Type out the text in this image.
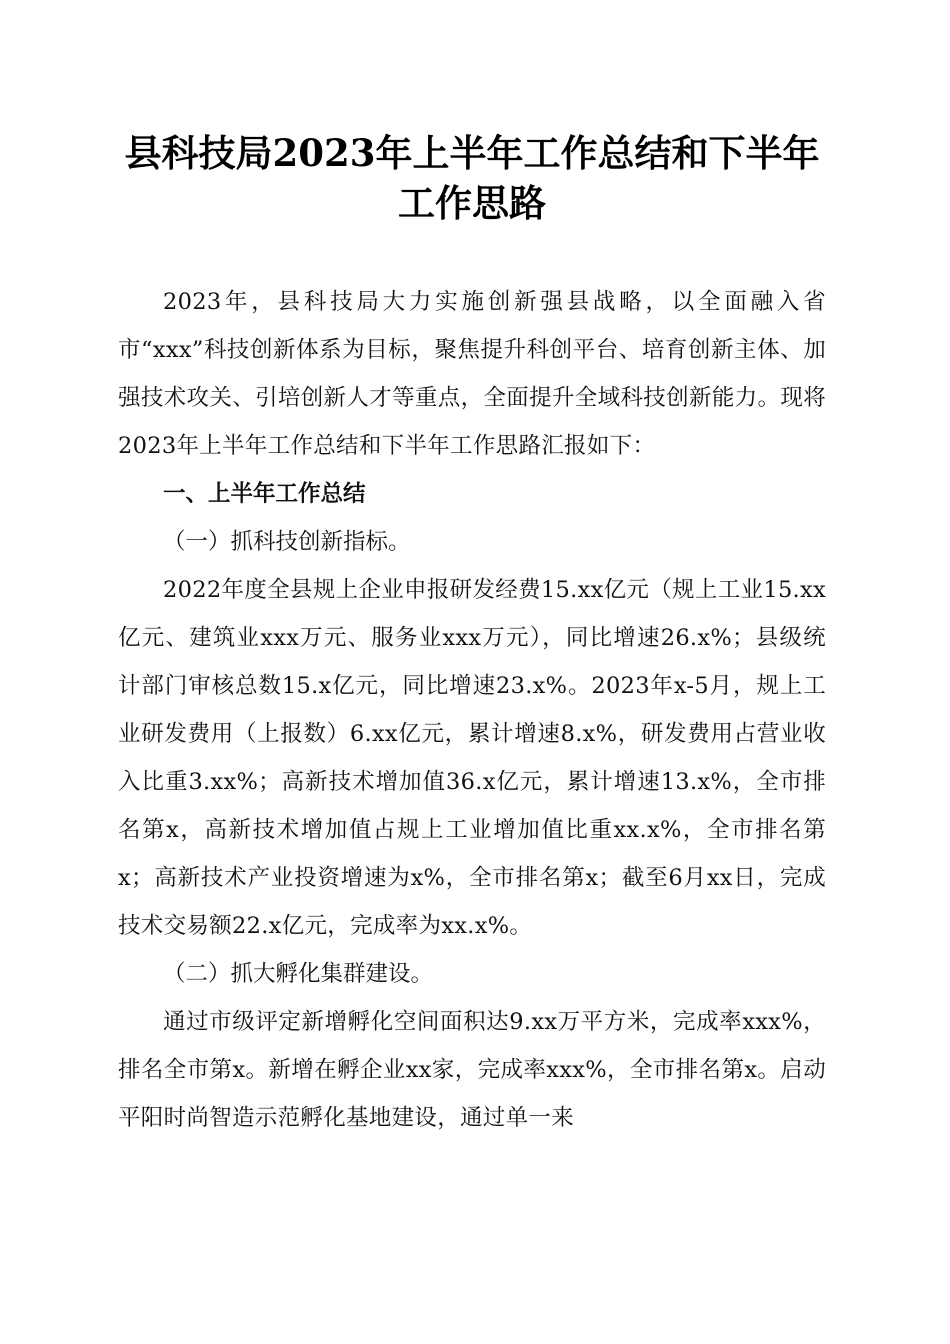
县科技局2023年上半年工作总结和下半年工作思路

2023年，县科技局大力实施创新强县战略，以全面融入省市“xxx”科技创新体系为目标，聚焦提升科创平台、培育创新主体、加强技术攻关、引培创新人才等重点，全面提升全域科技创新能力。现将2023年上半年工作总结和下半年工作思路汇报如下：

一、上半年工作总结

（一）抓科技创新指标。

2022年度全县规上企业申报研发经费15.xx亿元（规上工业15.xx亿元、建筑业xxx万元、服务业xxx万元），同比增速26.x%；县级统计部门审核总数15.x亿元，同比增速23.x%。2023年x-5月，规上工业研发费用（上报数）6.xx亿元，累计增速8.x%，研发费用占营业收入比重3.xx%；高新技术增加值36.x亿元，累计增速13.x%，全市排名第x，高新技术增加值占规上工业增加值比重xx.x%，全市排名第x；高新技术产业投资增速为x%，全市排名第x；截至6月xx日，完成技术交易额22.x亿元，完成率为xx.x%。

（二）抓大孵化集群建设。

通过市级评定新增孵化空间面积达9.xx万平方米，完成率xxx%，排名全市第x。新增在孵企业xx家，完成率xxx%，全市排名第x。启动平阳时尚智造示范孵化基地建设，通过单一来
